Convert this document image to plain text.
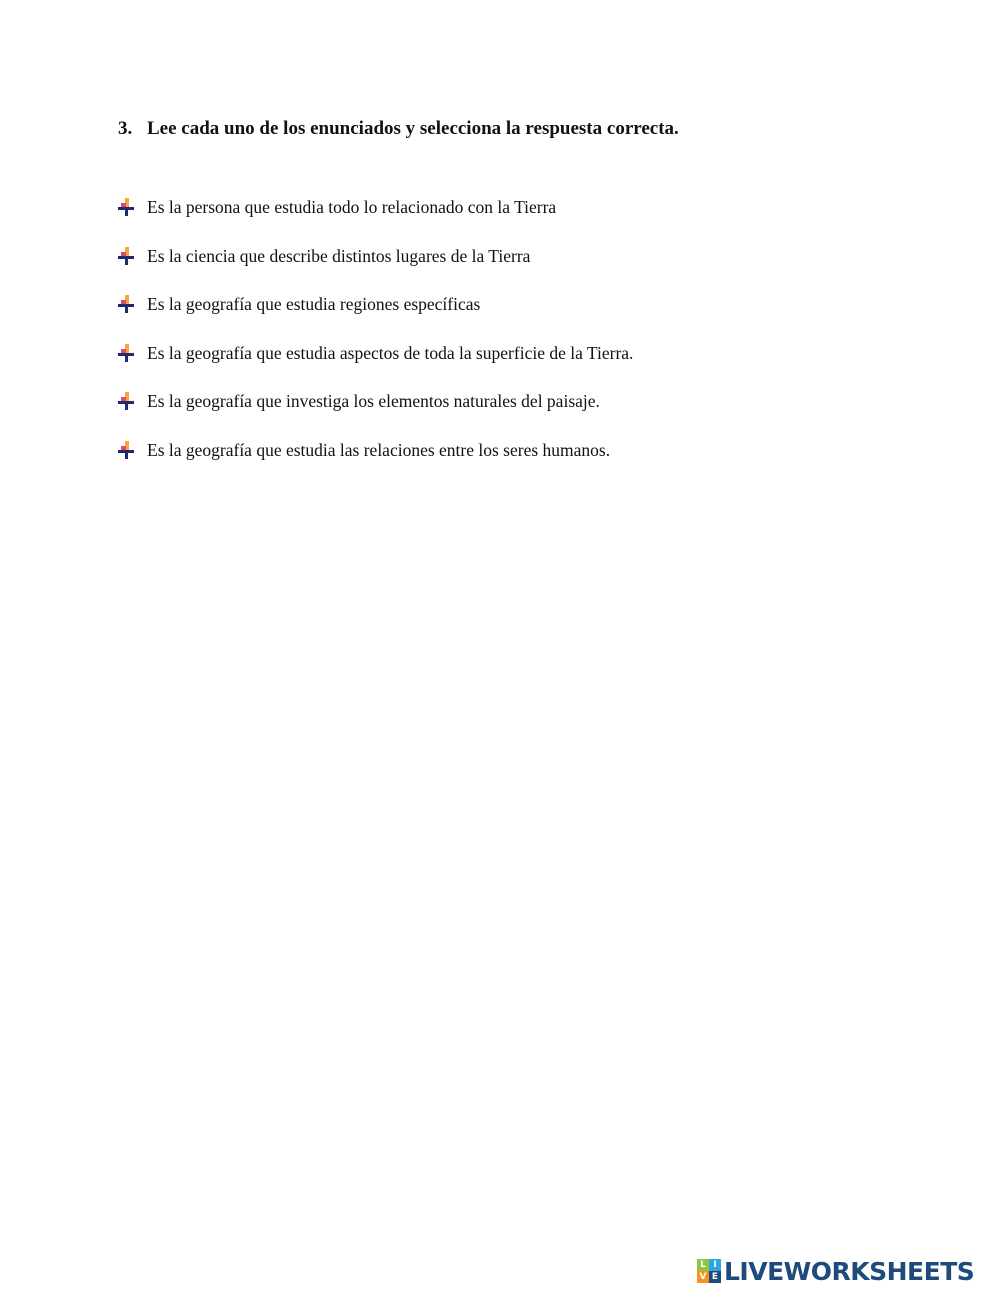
3. Lee cada uno de los enunciados y selecciona la respuesta correcta.
Es la persona que estudia todo lo relacionado con la Tierra
Es la ciencia que describe distintos lugares de la Tierra
Es la geografía que estudia regiones específicas
Es la geografía que estudia aspectos de toda la superficie de la Tierra.
Es la geografía que investiga los elementos naturales del paisaje.
Es la geografía que estudia las relaciones entre los seres humanos.
L I
V E LIVEWORKSHEETS
